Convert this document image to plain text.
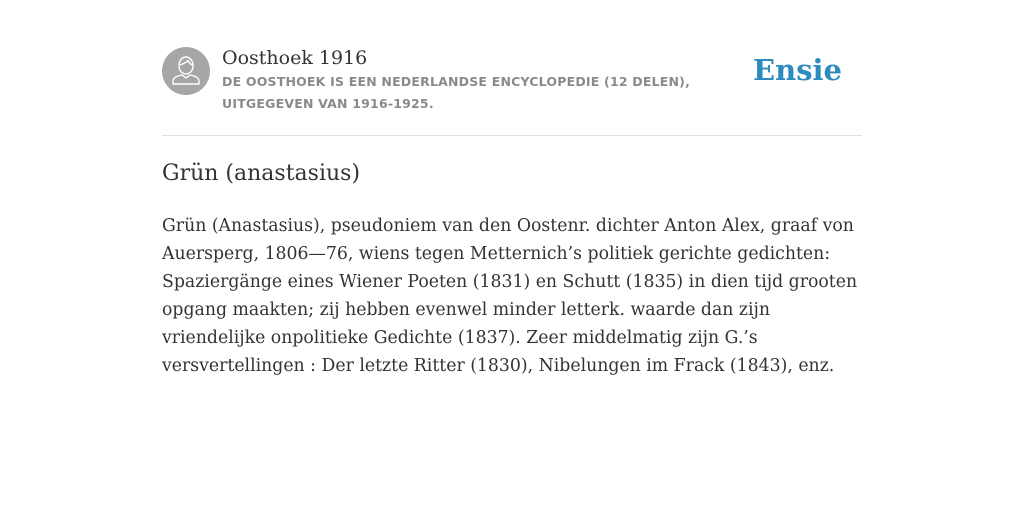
Oosthoek 1916
DE OOSTHOEK IS EEN NEDERLANDSE ENCYCLOPEDIE (12 DELEN), UITGEGEVEN VAN 1916-1925.
Ensie
Grün (anastasius)

Grün (Anastasius), pseudoniem van den Oostenr. dichter Anton Alex, graaf von Auersperg, 1806—76, wiens tegen Metternich’s politiek gerichte gedichten: Spaziergänge eines Wiener Poeten (1831) en Schutt (1835) in dien tijd grooten opgang maakten; zij hebben evenwel minder letterk. waarde dan zijn vriendelijke onpolitieke Gedichte (1837). Zeer middelmatig zijn G.’s versvertellingen : Der letzte Ritter (1830), Nibelungen im Frack (1843), enz.
